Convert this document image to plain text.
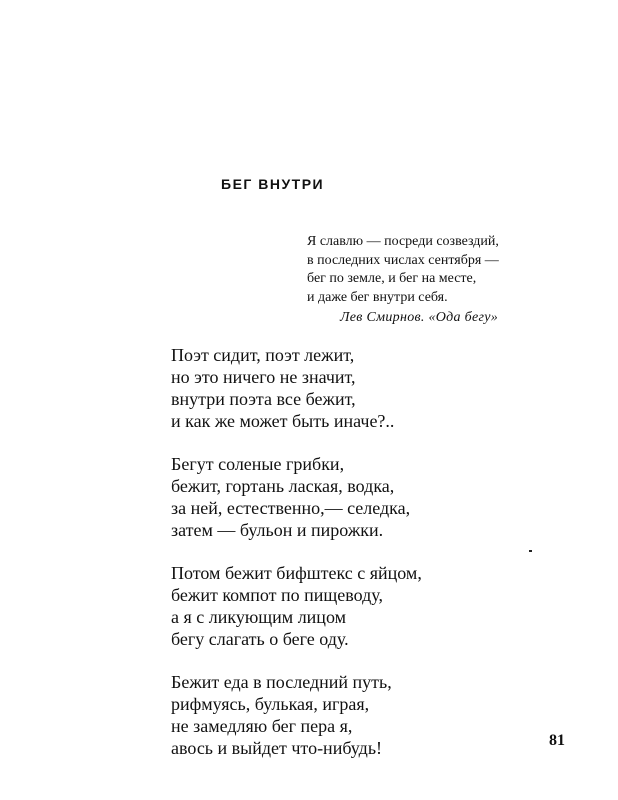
БЕГ ВНУТРИ
Я славлю — посреди созвездий,
в последних числах сентября —
бег по земле, и бег на месте,
и даже бег внутри себя.
Лев Смирнов. «Ода бегу»
Поэт сидит, поэт лежит,
но это ничего не значит,
внутри поэта все бежит,
и как же может быть иначе?..
Бегут соленые грибки,
бежит, гортань лаская, водка,
за ней, естественно,— селедка,
затем — бульон и пирожки.
Потом бежит бифштекс с яйцом,
бежит компот по пищеводу,
а я с ликующим лицом
бегу слагать о беге оду.
Бежит еда в последний путь,
рифмуясь, булькая, играя,
не замедляю бег пера я,
авось и выйдет что-нибудь!	81
